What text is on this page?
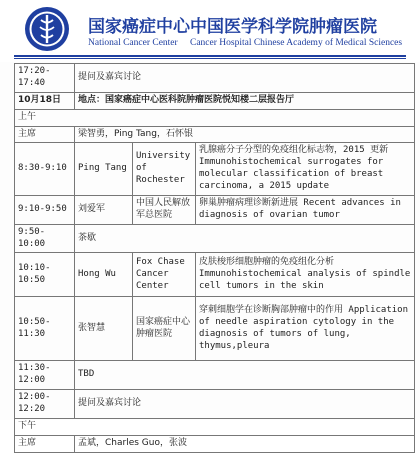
国家癌症中心 中国医学科学院肿瘤医院
National Cancer Center Cancer Hospital Chinese Academy of Medical Sciences
17:20-17:40	提问及嘉宾讨论		
10月18日	地点：国家癌症中心医科院肿瘤医院悦知楼二层报告厅		
上午			
主席	梁智勇，Ping Tang，石怀银		
8:30-9:10	Ping Tang	University of Rochester	乳腺癌分子分型的免疫组化标志物，2015 更新 Immunohistochemical surrogates for molecular classification of breast carcinoma, a 2015 update
9:10-9:50	刘爱军	中国人民解放军总医院	卵巢肿瘤病理诊断新进展 Recent advances in diagnosis of ovarian tumor
9:50-10:00	茶歇		
10:10-10:50	Hong Wu	Fox Chase Cancer Center	皮肤梭形细胞肿瘤的免疫组化分析 Immunohistochemical analysis of spindle cell tumors in the skin
10:50-11:30	张智慧	国家癌症中心肿瘤医院	穿刺细胞学在诊断胸部肿瘤中的作用 Application of needle aspiration cytology in the diagnosis of tumors of lung, thymus,pleura
11:30-12:00	TBD		
12:00-12:20	提问及嘉宾讨论		
下午			
主席	孟斌，Charles Guo，张波		
